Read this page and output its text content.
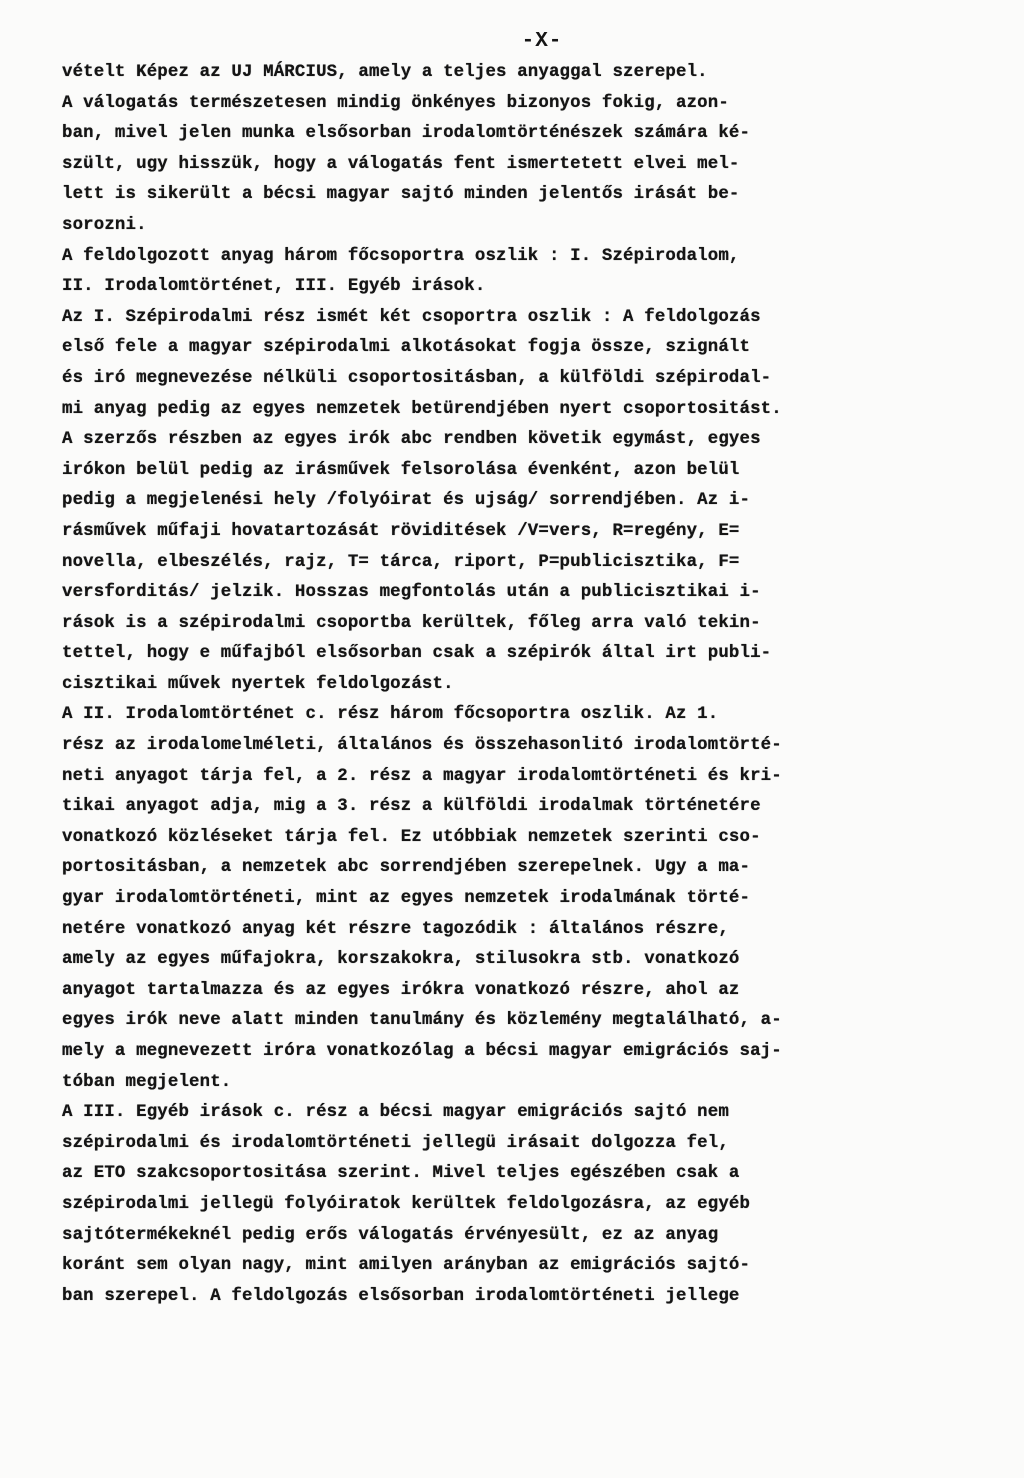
-X-
vételt Képez az UJ MÁRCIUS, amely a teljes anyaggal szerepel.
A válogatás természetesen mindig önkényes bizonyos fokig, azon-
ban, mivel jelen munka elsősorban irodalomtörténészek számára ké-
szült, ugy hisszük, hogy a válogatás fent ismertetett elvei mel-
lett is sikerült a bécsi magyar sajtó minden jelentős irását be-
sorozni.
A feldolgozott anyag három főcsoportra oszlik : I. Szépirodalom,
II. Irodalomtörténet, III. Egyéb irások.
Az I. Szépirodalmi rész ismét két csoportra oszlik : A feldolgozás
első fele a magyar szépirodalmi alkotásokat fogja össze, szignált
és iró megnevezése nélküli csoportositásban, a külföldi szépirodal-
mi anyag pedig az egyes nemzetek betürendjében nyert csoportositást.
A szerzős részben az egyes irók abc rendben követik egymást, egyes
irókon belül pedig az irásművek felsorolása évenként, azon belül
pedig a megjelenési hely /folyóirat és ujság/ sorrendjében. Az i-
rásművek műfaji hovatartozását röviditések /V=vers, R=regény, E=
novella, elbeszélés, rajz, T= tárca, riport, P=publicisztika, F=
versforditás/ jelzik. Hosszas megfontolás után a publicisztikai i-
rások is a szépirodalmi csoportba kerültek, főleg arra való tekin-
tettel, hogy e műfajból elsősorban csak a szépirók által irt publi-
cisztikai művek nyertek feldolgozást.
A II. Irodalomtörténet c. rész három főcsoportra oszlik. Az 1.
rész az irodalomelméleti, általános és összehasonlitó irodalomtörté-
neti anyagot tárja fel, a 2. rész a magyar irodalomtörténeti és kri-
tikai anyagot adja, mig a 3. rész a külföldi irodalmak történetére
vonatkozó közléseket tárja fel. Ez utóbbiak nemzetek szerinti cso-
portositásban, a nemzetek abc sorrendjében szerepelnek. Ugy a ma-
gyar irodalomtörténeti, mint az egyes nemzetek irodalmának törté-
netére vonatkozó anyag két részre tagozódik : általános részre,
amely az egyes műfajokra, korszakokra, stilusokra stb. vonatkozó
anyagot tartalmazza és az egyes irókra vonatkozó részre, ahol az
egyes irók neve alatt minden tanulmány és közlemény megtalálható, a-
mely a megnevezett iróra vonatkozólag a bécsi magyar emigrációs saj-
tóban megjelent.
A III. Egyéb irások c. rész a bécsi magyar emigrációs sajtó nem
szépirodalmi és irodalomtörténeti jellegü irásait dolgozza fel,
az ETO szakcsoportositása szerint. Mivel teljes egészében csak a
szépirodalmi jellegü folyóiratok kerültek feldolgozásra, az egyéb
sajtótermékeknél pedig erős válogatás érvényesült, ez az anyag
koránt sem olyan nagy, mint amilyen arányban az emigrációs sajtó-
ban szerepel. A feldolgozás elsősorban irodalomtörténeti jellege
